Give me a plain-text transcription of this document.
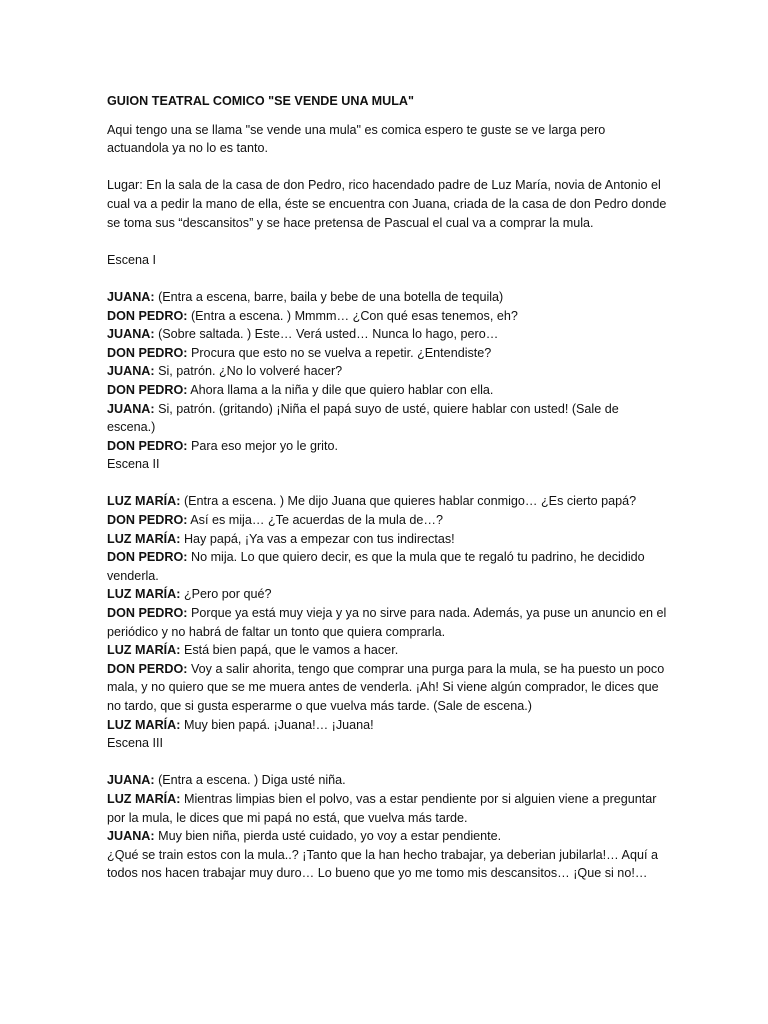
GUION TEATRAL COMICO "SE VENDE UNA MULA"

Aqui tengo una se llama "se vende una mula" es comica espero te guste se ve larga pero actuandola ya no lo es tanto.

Lugar: En la sala de la casa de don Pedro, rico hacendado padre de Luz María, novia de Antonio el cual va a pedir la mano de ella, éste se encuentra con Juana, criada de la casa de don Pedro donde se toma sus “descansitos” y se hace pretensa de Pascual el cual va a comprar la mula.

Escena I

JUANA: (Entra a escena, barre, baila y bebe de una botella de tequila)

DON PEDRO: (Entra a escena. ) Mmmm… ¿Con qué esas tenemos, eh?

JUANA: (Sobre saltada. ) Este… Verá usted… Nunca lo hago, pero…

DON PEDRO: Procura que esto no se vuelva a repetir. ¿Entendiste?

JUANA: Si, patrón. ¿No lo volveré hacer?

DON PEDRO: Ahora llama a la niña y dile que quiero hablar con ella.

JUANA: Si, patrón. (gritando) ¡Niña el papá suyo de usté, quiere hablar con usted! (Sale de escena.)

DON PEDRO: Para eso mejor yo le grito.

Escena II

LUZ MARÍA: (Entra a escena. ) Me dijo Juana que quieres hablar conmigo… ¿Es cierto papá?

DON PEDRO: Así es mija… ¿Te acuerdas de la mula de…?

LUZ MARÍA: Hay papá, ¡Ya vas a empezar con tus indirectas!

DON PEDRO: No mija. Lo que quiero decir, es que la mula que te regaló tu padrino, he decidido venderla.

LUZ MARÍA: ¿Pero por qué?

DON PEDRO: Porque ya está muy vieja y ya no sirve para nada. Además, ya puse un anuncio en el periódico y no habrá de faltar un tonto que quiera comprarla.

LUZ MARÍA: Está bien papá, que le vamos a hacer.

DON PERDO: Voy a salir ahorita, tengo que comprar una purga para la mula, se ha puesto un poco mala, y no quiero que se me muera antes de venderla. ¡Ah! Si viene algún comprador, le dices que no tardo, que si gusta esperarme o que vuelva más tarde. (Sale de escena.)

LUZ MARÍA: Muy bien papá. ¡Juana!… ¡Juana!

Escena III

JUANA: (Entra a escena. ) Diga usté niña.

LUZ MARÍA: Mientras limpias bien el polvo, vas a estar pendiente por si alguien viene a preguntar por la mula, le dices que mi papá no está, que vuelva más tarde.

JUANA: Muy bien niña, pierda usté cuidado, yo voy a estar pendiente.

¿Qué se train estos con la mula..? ¡Tanto que la han hecho trabajar, ya deberian jubilarla!… Aquí a todos nos hacen trabajar muy duro… Lo bueno que yo me tomo mis descansitos… ¡Que si no!…
